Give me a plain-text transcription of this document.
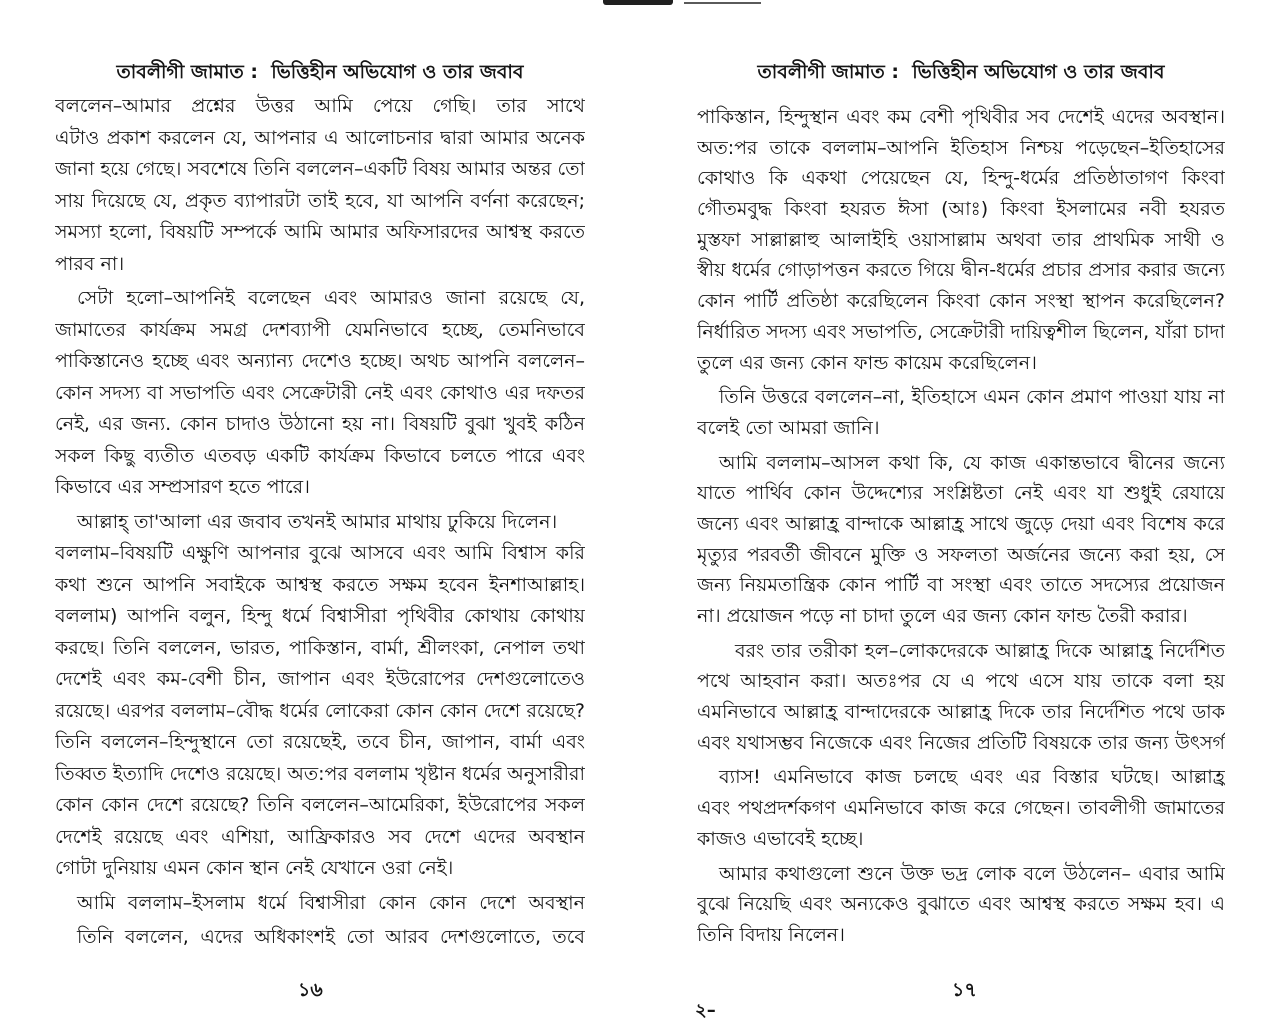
তাবলীগী জামাত :  ভিত্তিহীন অভিযোগ ও তার জবাব
বললেন–আমার প্রশ্নের উত্তর আমি পেয়ে গেছি। তার সাথে
এটাও প্রকাশ করলেন যে, আপনার এ আলোচনার দ্বারা আমার অনেক
জানা হয়ে গেছে। সবশেষে তিনি বললেন–একটি বিষয় আমার অন্তর তো
সায় দিয়েছে যে, প্রকৃত ব্যাপারটা তাই হবে, যা আপনি বর্ণনা করেছেন;
সমস্যা হলো, বিষয়টি সম্পর্কে আমি আমার অফিসারদের আশ্বস্থ করতে
পারব না।
সেটা হলো–আপনিই বলেছেন এবং আমারও জানা রয়েছে যে,
জামাতের কার্যক্রম সমগ্র দেশব্যাপী যেমনিভাবে হচ্ছে, তেমনিভাবে
পাকিস্তানেও হচ্ছে এবং অন্যান্য দেশেও হচ্ছে। অথচ আপনি বললেন–
কোন সদস্য বা সভাপতি এবং সেক্রেটারী নেই এবং কোথাও এর দফতর
নেই, এর জন্য. কোন চাদাও উঠানো হয় না। বিষয়টি বুঝা খুবই কঠিন
সকল কিছু ব্যতীত এতবড় একটি কার্যক্রম কিভাবে চলতে পারে এবং
কিভাবে এর সম্প্রসারণ হতে পারে।
আল্লাহ্ তা'আলা এর জবাব তখনই আমার মাথায় ঢুকিয়ে দিলেন।
বললাম–বিষয়টি এক্ষুণি আপনার বুঝে আসবে এবং আমি বিশ্বাস করি
কথা শুনে আপনি সবাইকে আশ্বস্থ করতে সক্ষম হবেন ইনশাআল্লাহ।
বললাম) আপনি বলুন, হিন্দু ধর্মে বিশ্বাসীরা পৃথিবীর কোথায় কোথায়
করছে। তিনি বললেন, ভারত, পাকিস্তান, বার্মা, শ্রীলংকা, নেপাল তথা
দেশেই এবং কম-বেশী চীন, জাপান এবং ইউরোপের দেশগুলোতেও
রয়েছে। এরপর বললাম–বৌদ্ধ ধর্মের লোকেরা কোন কোন দেশে রয়েছে?
তিনি বললেন–হিন্দুস্থানে তো রয়েছেই, তবে চীন, জাপান, বার্মা এবং
তিব্বত ইত্যাদি দেশেও রয়েছে। অত:পর বললাম খৃষ্টান ধর্মের অনুসারীরা
কোন কোন দেশে রয়েছে? তিনি বললেন–আমেরিকা, ইউরোপের সকল
দেশেই রয়েছে এবং এশিয়া, আফ্রিকারও সব দেশে এদের অবস্থান
গোটা দুনিয়ায় এমন কোন স্থান নেই যেখানে ওরা নেই।
আমি বললাম–ইসলাম ধর্মে বিশ্বাসীরা কোন কোন দেশে অবস্থান
তিনি বললেন, এদের অধিকাংশই তো আরব দেশগুলোতে, তবে
১৬
তাবলীগী জামাত :  ভিত্তিহীন অভিযোগ ও তার জবাব
পাকিস্তান, হিন্দুস্থান এবং কম বেশী পৃথিবীর সব দেশেই এদের অবস্থান।
অত:পর তাকে বললাম–আপনি ইতিহাস নিশ্চয় পড়েছেন–ইতিহাসের
কোথাও কি একথা পেয়েছেন যে, হিন্দু-ধর্মের প্রতিষ্ঠাতাগণ কিংবা
গৌতমবুদ্ধ কিংবা হযরত ঈসা (আঃ) কিংবা ইসলামের নবী হযরত
মুস্তফা সাল্লাল্লাহু আলাইহি ওয়াসাল্লাম অথবা তার প্রাথমিক সাথী ও
স্বীয় ধর্মের গোড়াপত্তন করতে গিয়ে দ্বীন-ধর্মের প্রচার প্রসার করার জন্যে
কোন পার্টি প্রতিষ্ঠা করেছিলেন কিংবা কোন সংস্থা স্থাপন করেছিলেন?
নির্ধারিত সদস্য এবং সভাপতি, সেক্রেটারী দায়িত্বশীল ছিলেন, যাঁরা চাদা
তুলে এর জন্য কোন ফান্ড কায়েম করেছিলেন।
তিনি উত্তরে বললেন–না, ইতিহাসে এমন কোন প্রমাণ পাওয়া যায় না
বলেই তো আমরা জানি।
আমি বললাম–আসল কথা কি, যে কাজ একান্তভাবে দ্বীনের জন্যে
যাতে পার্থিব কোন উদ্দেশ্যের সংশ্লিষ্টতা নেই এবং যা শুধুই রেযায়ে
জন্যে এবং আল্লাহ্র বান্দাকে আল্লাহ্র সাথে জুড়ে দেয়া এবং বিশেষ করে
মৃত্যুর পরবর্তী জীবনে মুক্তি ও সফলতা অর্জনের জন্যে করা হয়, সে
জন্য নিয়মতান্ত্রিক কোন পার্টি বা সংস্থা এবং তাতে সদস্যের প্রয়োজন
না। প্রয়োজন পড়ে না চাদা তুলে এর জন্য কোন ফান্ড তৈরী করার।
বরং তার তরীকা হল–লোকদেরকে আল্লাহ্র দিকে আল্লাহ্র নির্দেশিত
পথে আহবান করা। অতঃপর যে এ পথে এসে যায় তাকে বলা হয়
এমনিভাবে আল্লাহ্র বান্দাদেরকে আল্লাহ্র দিকে তার নির্দেশিত পথে ডাক
এবং যথাসম্ভব নিজেকে এবং নিজের প্রতিটি বিষয়কে তার জন্য উৎসর্গ
ব্যাস! এমনিভাবে কাজ চলছে এবং এর বিস্তার ঘটছে। আল্লাহ্র
এবং পথপ্রদর্শকগণ এমনিভাবে কাজ করে গেছেন। তাবলীগী জামাতের
কাজও এভাবেই হচ্ছে।
আমার কথাগুলো শুনে উক্ত ভদ্র লোক বলে উঠলেন– এবার আমি
বুঝে নিয়েছি এবং অন্যকেও বুঝাতে এবং আশ্বস্থ করতে সক্ষম হব। এ
তিনি বিদায় নিলেন।
১৭
২–
